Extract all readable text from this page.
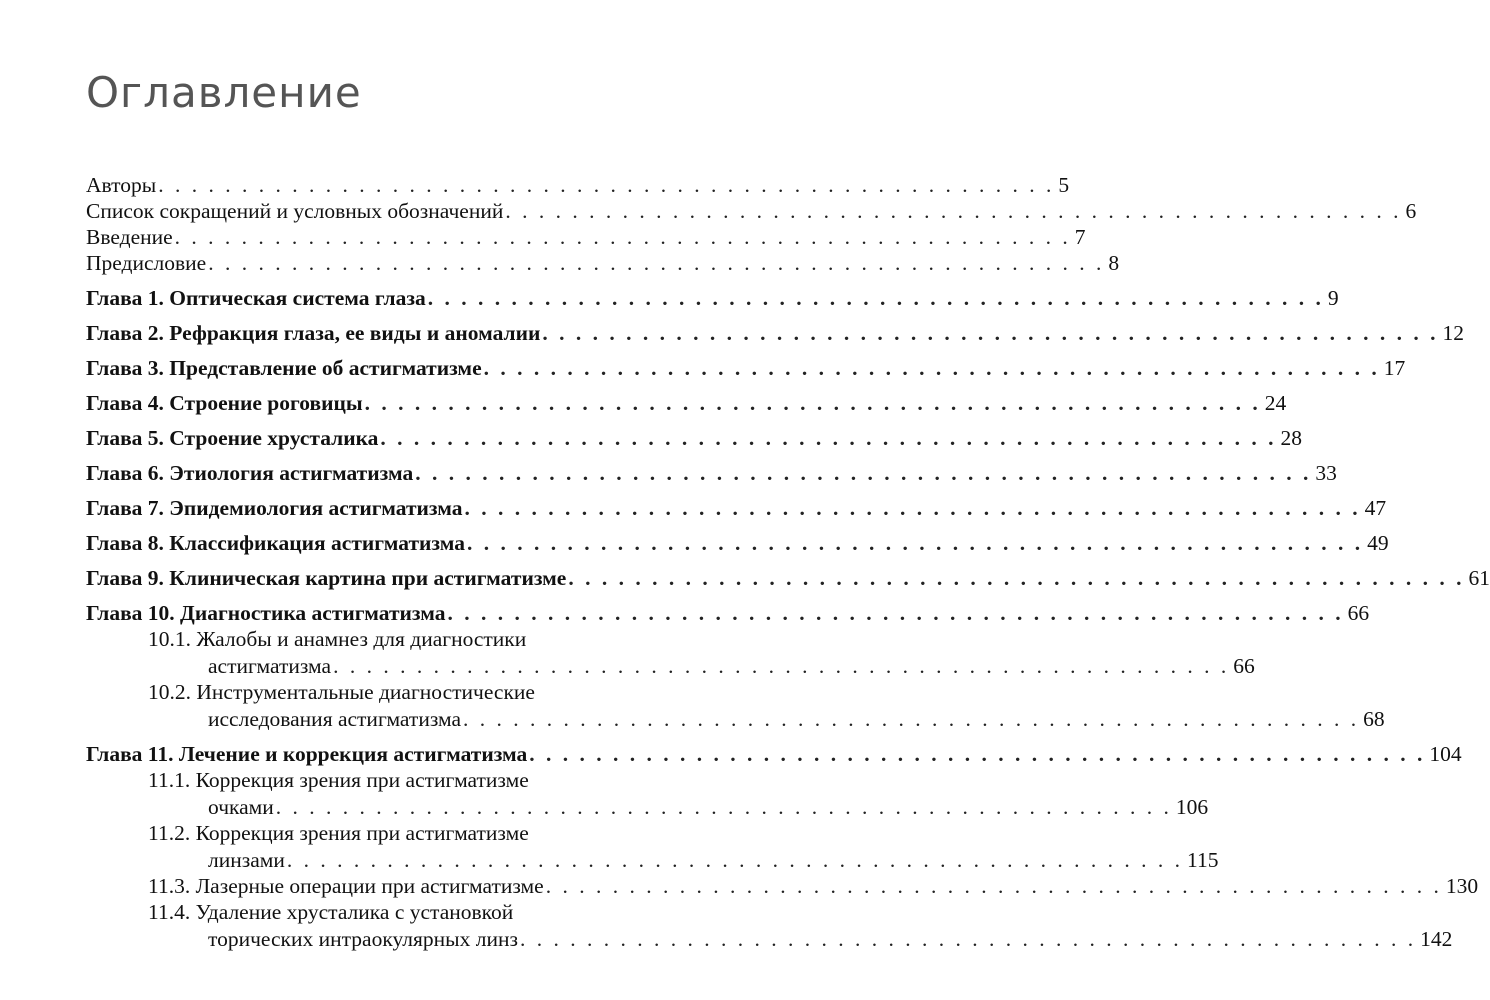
Оглавление
Авторы . . . . . . . . . . . . . . . . . . . . . . . . . . . . . . . . . . . . . . . . . . . . . . . . . . . . . . 5
Список сокращений и условных обозначений . . . . . . . . . . . . . . . . . . . . . . . . . . . . . . . . . . . . . . . . . . . . . . . . . . . . . . 6
Введение . . . . . . . . . . . . . . . . . . . . . . . . . . . . . . . . . . . . . . . . . . . . . . . . . . . . . . 7
Предисловие . . . . . . . . . . . . . . . . . . . . . . . . . . . . . . . . . . . . . . . . . . . . . . . . . . . . . . 8
Глава 1. Оптическая система глаза . . . . . . . . . . . . . . . . . . . . . . . . . . . . . . . . . . . . . . . . . . . . . . . . . . . . . . 9
Глава 2. Рефракция глаза, ее виды и аномалии . . . . . . . . . . . . . . . . . . . . . . . . . . . . . . . . . . . . . . . . . . . . . . . . . . . . . . 12
Глава 3. Представление об астигматизме . . . . . . . . . . . . . . . . . . . . . . . . . . . . . . . . . . . . . . . . . . . . . . . . . . . . . . 17
Глава 4. Строение роговицы . . . . . . . . . . . . . . . . . . . . . . . . . . . . . . . . . . . . . . . . . . . . . . . . . . . . . . 24
Глава 5. Строение хрусталика . . . . . . . . . . . . . . . . . . . . . . . . . . . . . . . . . . . . . . . . . . . . . . . . . . . . . . 28
Глава 6. Этиология астигматизма . . . . . . . . . . . . . . . . . . . . . . . . . . . . . . . . . . . . . . . . . . . . . . . . . . . . . . 33
Глава 7. Эпидемиология астигматизма . . . . . . . . . . . . . . . . . . . . . . . . . . . . . . . . . . . . . . . . . . . . . . . . . . . . . . 47
Глава 8. Классификация астигматизма . . . . . . . . . . . . . . . . . . . . . . . . . . . . . . . . . . . . . . . . . . . . . . . . . . . . . . 49
Глава 9. Клиническая картина при астигматизме . . . . . . . . . . . . . . . . . . . . . . . . . . . . . . . . . . . . . . . . . . . . . . . . . . . . . . 61
Глава 10. Диагностика астигматизма . . . . . . . . . . . . . . . . . . . . . . . . . . . . . . . . . . . . . . . . . . . . . . . . . . . . . . 66
10.1. Жалобы и анамнез для диагностики
астигматизма . . . . . . . . . . . . . . . . . . . . . . . . . . . . . . . . . . . . . . . . . . . . . . . . . . . . . . 66
10.2. Инструментальные диагностические
исследования астигматизма . . . . . . . . . . . . . . . . . . . . . . . . . . . . . . . . . . . . . . . . . . . . . . . . . . . . . . 68
Глава 11. Лечение и коррекция астигматизма . . . . . . . . . . . . . . . . . . . . . . . . . . . . . . . . . . . . . . . . . . . . . . . . . . . . . . 104
11.1. Коррекция зрения при астигматизме
очками . . . . . . . . . . . . . . . . . . . . . . . . . . . . . . . . . . . . . . . . . . . . . . . . . . . . . . 106
11.2. Коррекция зрения при астигматизме
линзами . . . . . . . . . . . . . . . . . . . . . . . . . . . . . . . . . . . . . . . . . . . . . . . . . . . . . . 115
11.3. Лазерные операции при астигматизме . . . . . . . . . . . . . . . . . . . . . . . . . . . . . . . . . . . . . . . . . . . . . . . . . . . . . . 130
11.4. Удаление хрусталика с установкой
торических интраокулярных линз . . . . . . . . . . . . . . . . . . . . . . . . . . . . . . . . . . . . . . . . . . . . . . . . . . . . . . 142
